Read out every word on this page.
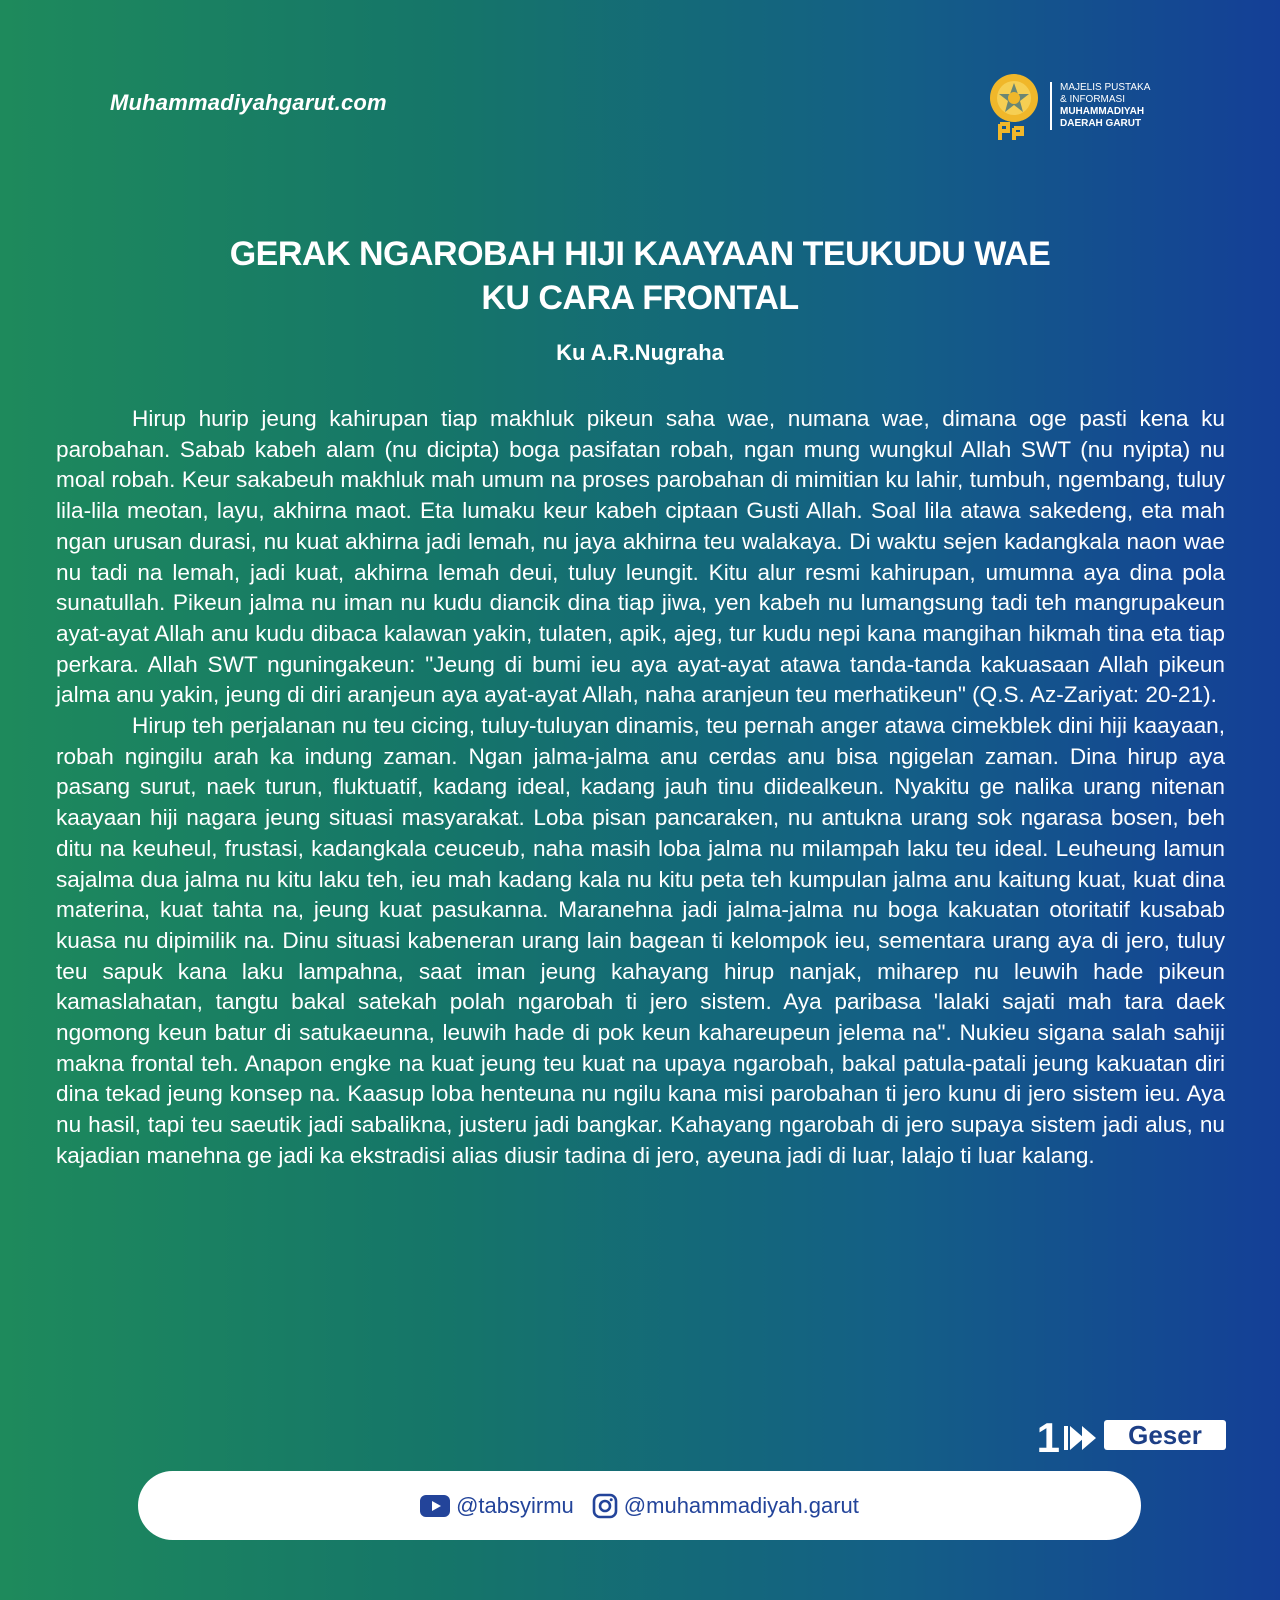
Muhammadiyahgarut.com
MAJELIS PUSTAKA
& INFORMASI
MUHAMMADIYAH
DAERAH GARUT
GERAK NGAROBAH HIJI KAAYAAN TEUKUDU WAE
KU CARA FRONTAL
Ku A.R.Nugraha

Hirup hurip jeung kahirupan tiap makhluk pikeun saha wae, numana wae, dimana oge pasti kena ku parobahan. Sabab kabeh alam (nu dicipta) boga pasifatan robah, ngan mung wungkul Allah SWT (nu nyipta) nu moal robah. Keur sakabeuh makhluk mah umum na proses parobahan di mimitian ku lahir, tumbuh, ngembang, tuluy lila-lila meotan, layu, akhirna maot. Eta lumaku keur kabeh ciptaan Gusti Allah. Soal lila atawa sakedeng, eta mah ngan urusan durasi, nu kuat akhirna jadi lemah, nu jaya akhirna teu walakaya. Di waktu sejen kadangkala naon wae nu tadi na lemah, jadi kuat, akhirna lemah deui, tuluy leungit. Kitu alur resmi kahirupan, umumna aya dina pola sunatullah. Pikeun jalma nu iman nu kudu diancik dina tiap jiwa, yen kabeh nu lumangsung tadi teh mangrupakeun ayat-ayat Allah anu kudu dibaca kalawan yakin, tulaten, apik, ajeg, tur kudu nepi kana mangihan hikmah tina eta tiap perkara. Allah SWT nguningakeun: "Jeung di bumi ieu aya ayat-ayat atawa tanda-tanda kakuasaan Allah pikeun jalma anu yakin, jeung di diri aranjeun aya ayat-ayat Allah, naha aranjeun teu merhatikeun" (Q.S. Az-Zariyat: 20-21).

Hirup teh perjalanan nu teu cicing, tuluy-tuluyan dinamis, teu pernah anger atawa cimekblek dini hiji kaayaan, robah ngingilu arah ka indung zaman. Ngan jalma-jalma anu cerdas anu bisa ngigelan zaman. Dina hirup aya pasang surut, naek turun, fluktuatif, kadang ideal, kadang jauh tinu diidealkeun. Nyakitu ge nalika urang nitenan kaayaan hiji nagara jeung situasi masyarakat. Loba pisan pancaraken, nu antukna urang sok ngarasa bosen, beh ditu na keuheul, frustasi, kadangkala ceuceub, naha masih loba jalma nu milampah laku teu ideal. Leuheung lamun sajalma dua jalma nu kitu laku teh, ieu mah kadang kala nu kitu peta teh kumpulan jalma anu kaitung kuat, kuat dina materina, kuat tahta na, jeung kuat pasukanna. Maranehna jadi jalma-jalma nu boga kakuatan otoritatif kusabab kuasa nu dipimilik na. Dinu situasi kabeneran urang lain bagean ti kelompok ieu, sementara urang aya di jero, tuluy teu sapuk kana laku lampahna, saat iman jeung kahayang hirup nanjak, miharep nu leuwih hade pikeun kamaslahatan, tangtu bakal satekah polah ngarobah ti jero sistem. Aya paribasa 'lalaki sajati mah tara daek ngomong keun batur di satukaeunna, leuwih hade di pok keun kahareupeun jelema na". Nukieu sigana salah sahiji makna frontal teh. Anapon engke na kuat jeung teu kuat na upaya ngarobah, bakal patula-patali jeung kakuatan diri dina tekad jeung konsep na. Kaasup loba henteuna nu ngilu kana misi parobahan ti jero kunu di jero sistem ieu. Aya nu hasil, tapi teu saeutik jadi sabalikna, justeru jadi bangkar. Kahayang ngarobah di jero supaya sistem jadi alus, nu kajadian manehna ge jadi ka ekstradisi alias diusir tadina di jero, ayeuna jadi di luar, lalajo ti luar kalang.

1	Geser
@tabsyirmu @muhammadiyah.garut
